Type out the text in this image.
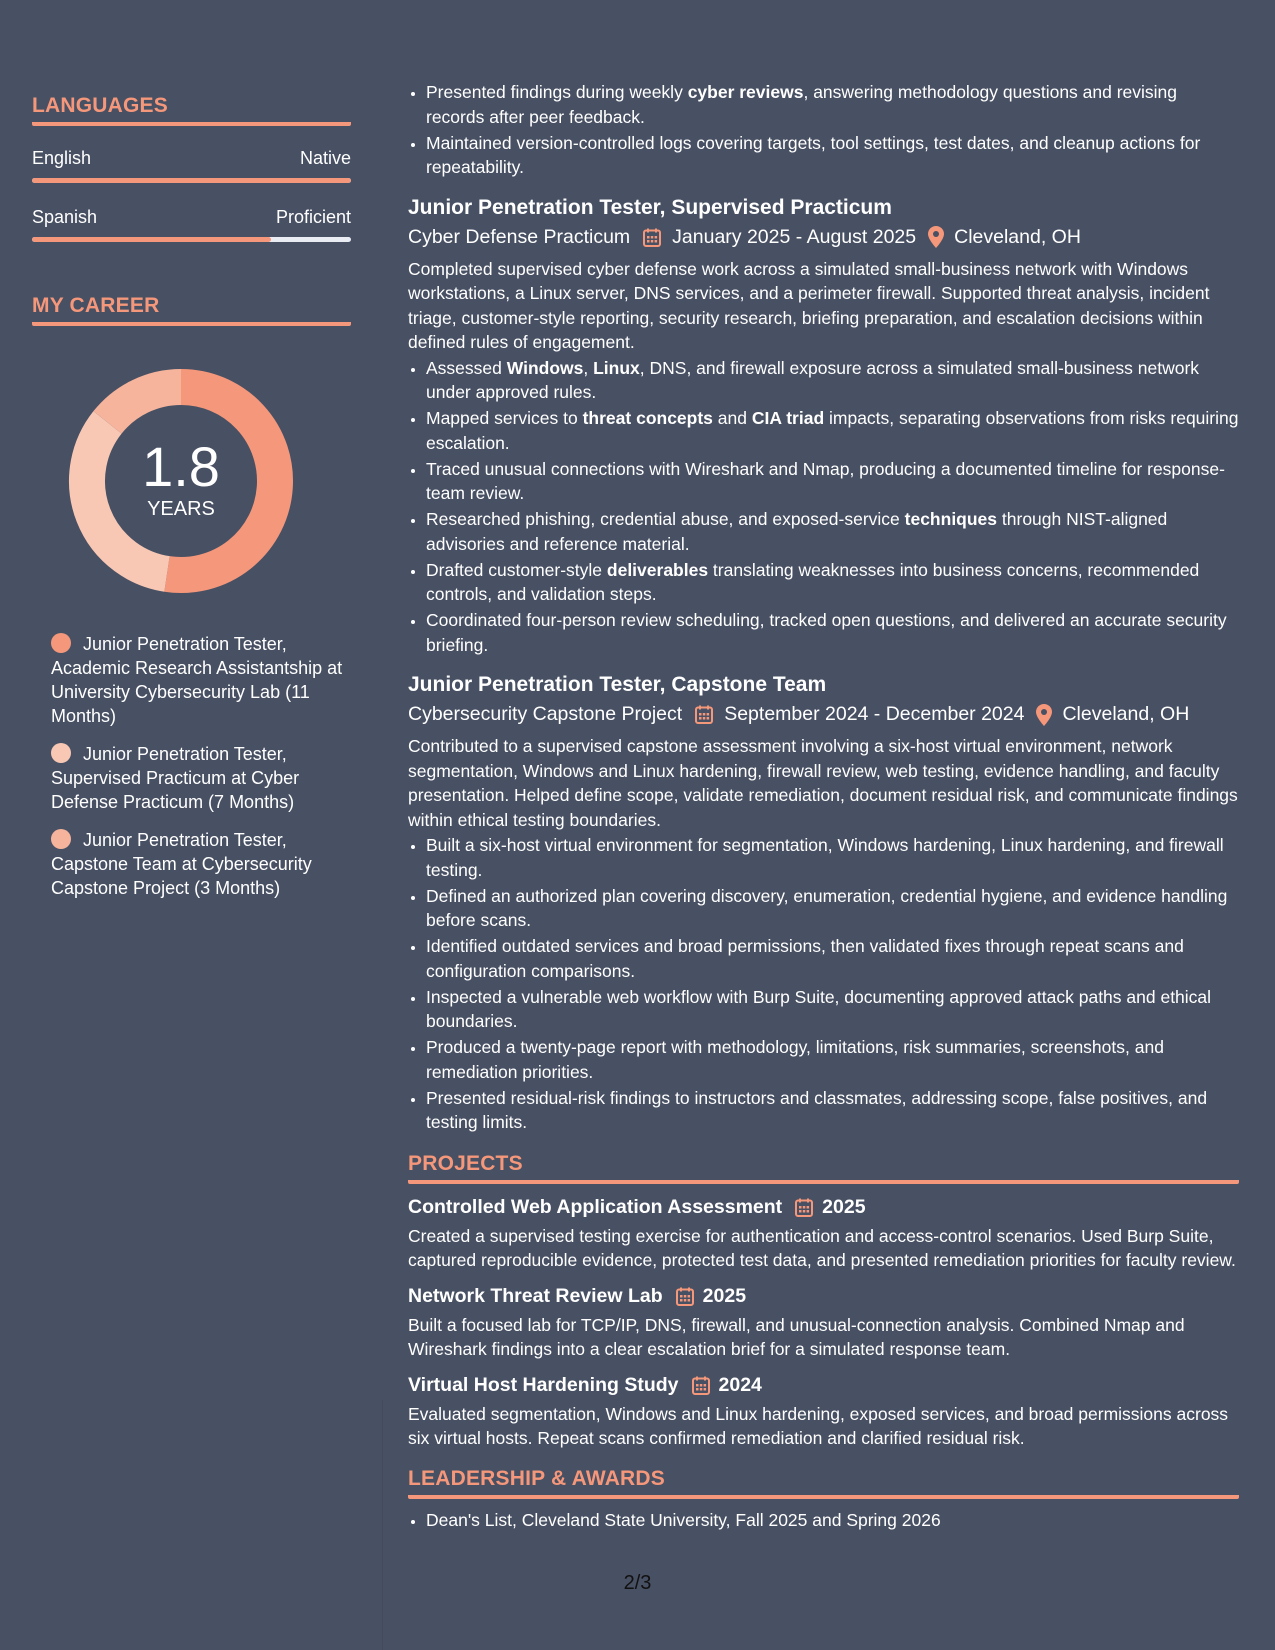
LANGUAGES
English	Native
Spanish	Proficient
MY CAREER
1.8
YEARS
Junior Penetration Tester, Academic Research Assistantship at University Cybersecurity Lab (11 Months)
Junior Penetration Tester, Supervised Practicum at Cyber Defense Practicum (7 Months)
Junior Penetration Tester, Capstone Team at Cybersecurity Capstone Project (3 Months)
• Presented findings during weekly cyber reviews, answering methodology questions and revising records after peer feedback.
• Maintained version-controlled logs covering targets, tool settings, test dates, and cleanup actions for repeatability.
Junior Penetration Tester, Supervised Practicum
Cyber Defense Practicum January 2025 - August 2025 Cleveland, OH
Completed supervised cyber defense work across a simulated small-business network with Windows workstations, a Linux server, DNS services, and a perimeter firewall. Supported threat analysis, incident triage, customer-style reporting, security research, briefing preparation, and escalation decisions within defined rules of engagement.
• Assessed Windows, Linux, DNS, and firewall exposure across a simulated small-business network under approved rules.
• Mapped services to threat concepts and CIA triad impacts, separating observations from risks requiring escalation.
• Traced unusual connections with Wireshark and Nmap, producing a documented timeline for response-team review.
• Researched phishing, credential abuse, and exposed-service techniques through NIST-aligned advisories and reference material.
• Drafted customer-style deliverables translating weaknesses into business concerns, recommended controls, and validation steps.
• Coordinated four-person review scheduling, tracked open questions, and delivered an accurate security briefing.
Junior Penetration Tester, Capstone Team
Cybersecurity Capstone Project September 2024 - December 2024 Cleveland, OH
Contributed to a supervised capstone assessment involving a six-host virtual environment, network segmentation, Windows and Linux hardening, firewall review, web testing, evidence handling, and faculty presentation. Helped define scope, validate remediation, document residual risk, and communicate findings within ethical testing boundaries.
• Built a six-host virtual environment for segmentation, Windows hardening, Linux hardening, and firewall testing.
• Defined an authorized plan covering discovery, enumeration, credential hygiene, and evidence handling before scans.
• Identified outdated services and broad permissions, then validated fixes through repeat scans and configuration comparisons.
• Inspected a vulnerable web workflow with Burp Suite, documenting approved attack paths and ethical boundaries.
• Produced a twenty-page report with methodology, limitations, risk summaries, screenshots, and remediation priorities.
• Presented residual-risk findings to instructors and classmates, addressing scope, false positives, and testing limits.
PROJECTS
Controlled Web Application Assessment 2025
Created a supervised testing exercise for authentication and access-control scenarios. Used Burp Suite, captured reproducible evidence, protected test data, and presented remediation priorities for faculty review.
Network Threat Review Lab 2025
Built a focused lab for TCP/IP, DNS, firewall, and unusual-connection analysis. Combined Nmap and Wireshark findings into a clear escalation brief for a simulated response team.
Virtual Host Hardening Study 2024
Evaluated segmentation, Windows and Linux hardening, exposed services, and broad permissions across six virtual hosts. Repeat scans confirmed remediation and clarified residual risk.
LEADERSHIP & AWARDS
• Dean's List, Cleveland State University, Fall 2025 and Spring 2026
2/3
